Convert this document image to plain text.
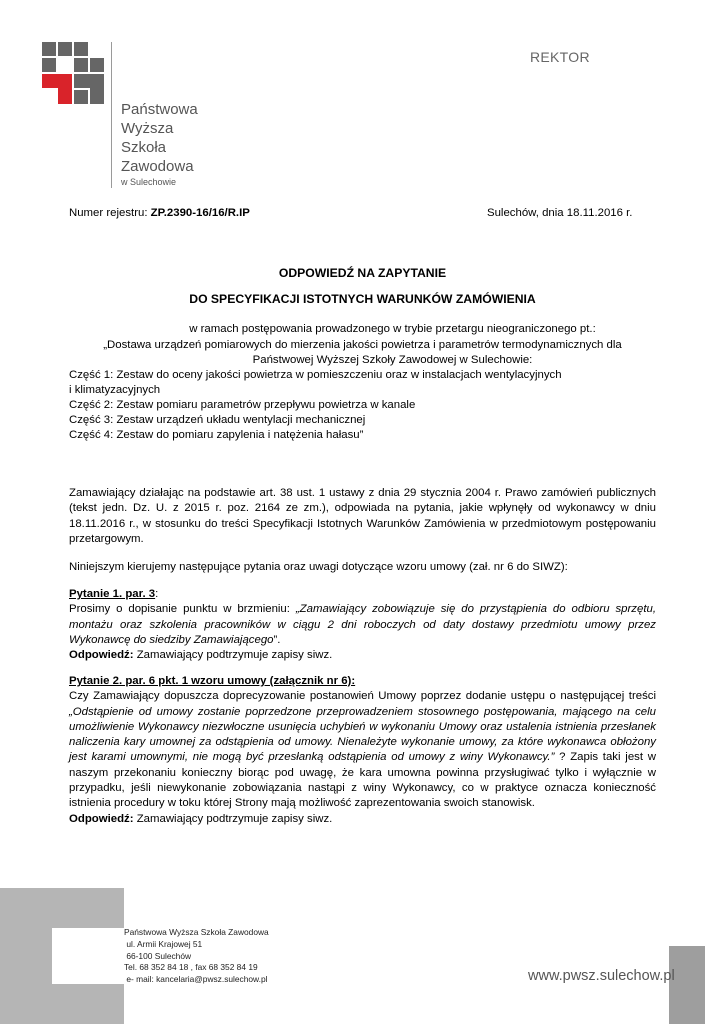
Państwowa
Wyższa
Szkoła
Zawodowa
w Sulechowie
REKTOR
Numer rejestru: ZP.2390-16/16/R.IP	Sulechów, dnia 18.11.2016 r.
ODPOWIEDŹ NA ZAPYTANIE
DO SPECYFIKACJI ISTOTNYCH WARUNKÓW ZAMÓWIENIA
w ramach postępowania prowadzonego w trybie przetargu nieograniczonego pt.:
„Dostawa urządzeń pomiarowych do mierzenia jakości powietrza i parametrów termodynamicznych dla
Państwowej Wyższej Szkoły Zawodowej w Sulechowie:
Część 1: Zestaw do oceny jakości powietrza w pomieszczeniu oraz w instalacjach wentylacyjnych
i klimatyzacyjnych
Część 2: Zestaw pomiaru parametrów przepływu powietrza w kanale
Część 3: Zestaw urządzeń układu wentylacji mechanicznej
Część 4: Zestaw do pomiaru zapylenia i natężenia hałasu”
Zamawiający działając na podstawie art. 38 ust. 1 ustawy z dnia 29 stycznia 2004 r. Prawo zamówień publicznych (tekst jedn. Dz. U. z 2015 r. poz. 2164 ze zm.), odpowiada na pytania, jakie wpłynęły od wykonawcy w dniu 18.11.2016 r., w stosunku do treści Specyfikacji Istotnych Warunków Zamówienia w przedmiotowym postępowaniu przetargowym.
Niniejszym kierujemy następujące pytania oraz uwagi dotyczące wzoru umowy (zał. nr 6 do SIWZ):
Pytanie 1. par. 3:
Prosimy o dopisanie punktu w brzmieniu: „Zamawiający zobowiązuje się do przystąpienia do odbioru sprzętu, montażu oraz szkolenia pracowników w ciągu 2 dni roboczych od daty dostawy przedmiotu umowy przez Wykonawcę do siedziby Zamawiającego”.
Odpowiedź: Zamawiający podtrzymuje zapisy siwz.
Pytanie 2. par. 6 pkt. 1 wzoru umowy (załącznik nr 6):
Czy Zamawiający dopuszcza doprecyzowanie postanowień Umowy poprzez dodanie ustępu o następującej treści „Odstąpienie od umowy zostanie poprzedzone przeprowadzeniem stosownego postępowania, mającego na celu umożliwienie Wykonawcy niezwłoczne usunięcia uchybień w wykonaniu Umowy oraz ustalenia istnienia przesłanek naliczenia kary umownej za odstąpienia od umowy. Nienależyte wykonanie umowy, za które wykonawca obłożony jest karami umownymi, nie mogą być przesłanką odstąpienia od umowy z winy Wykonawcy.” ? Zapis taki jest w naszym przekonaniu konieczny biorąc pod uwagę, że kara umowna powinna przysługiwać tylko i wyłącznie w przypadku, jeśli niewykonanie zobowiązania nastąpi z winy Wykonawcy, co w praktyce oznacza konieczność istnienia procedury w toku której Strony mają możliwość zaprezentowania swoich stanowisk.
Odpowiedź: Zamawiający podtrzymuje zapisy siwz.
Państwowa Wyższa Szkoła Zawodowa
ul. Armii Krajowej 51
66-100 Sulechów
Tel. 68 352 84 18 , fax 68 352 84 19
e- mail: kancelaria@pwsz.sulechow.pl	www.pwsz.sulechow.pl
